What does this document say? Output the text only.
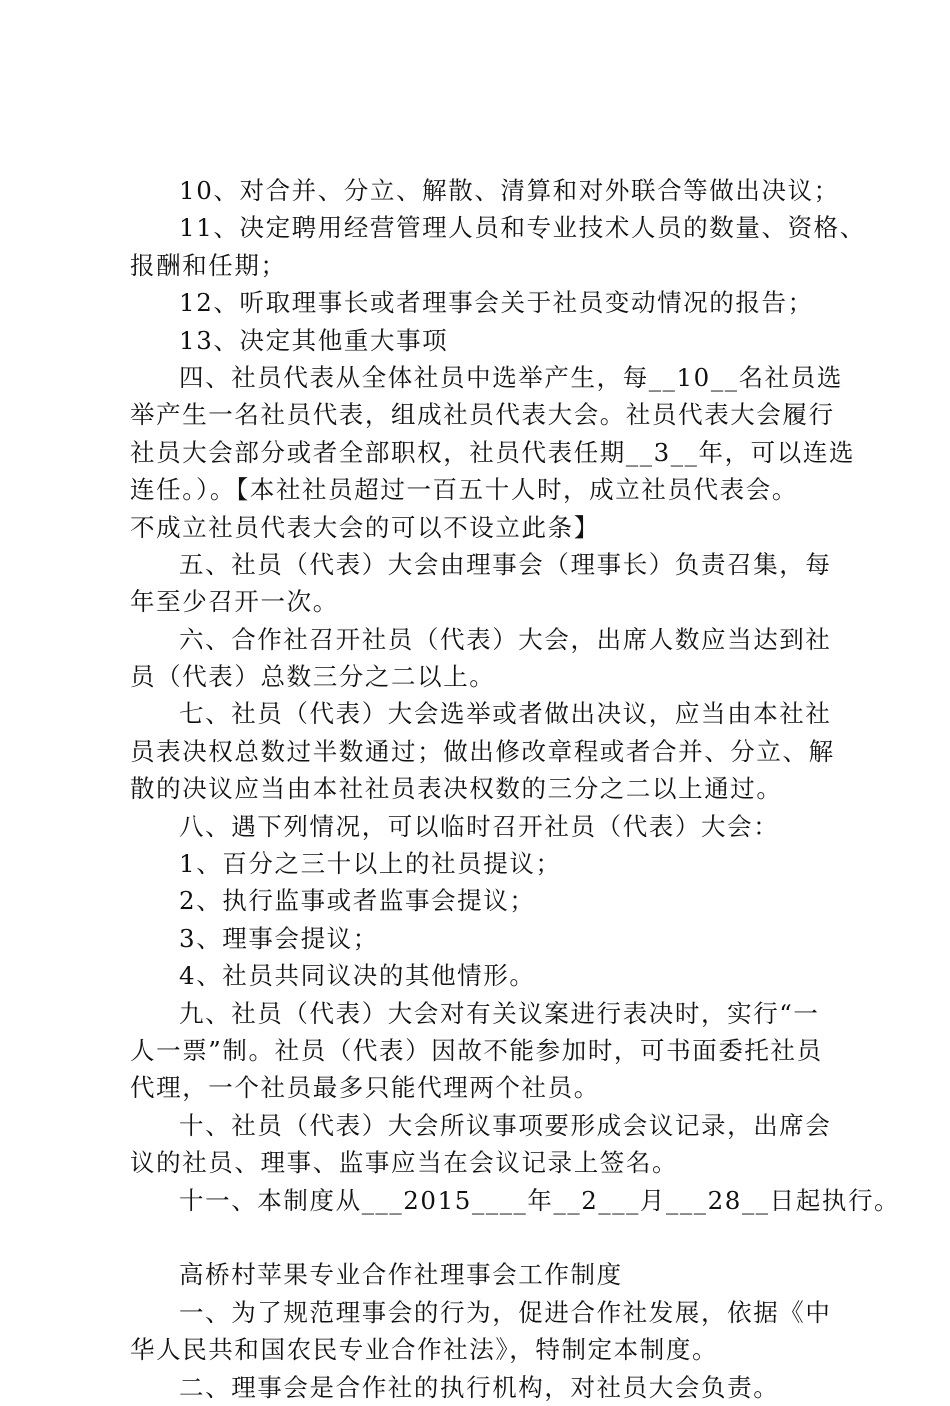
10、对合并、分立、解散、清算和对外联合等做出决议；
11、决定聘用经营管理人员和专业技术人员的数量、资格、
报酬和任期；
12、听取理事长或者理事会关于社员变动情况的报告；
13、决定其他重大事项
四、社员代表从全体社员中选举产生，每__10__名社员选
举产生一名社员代表，组成社员代表大会。社员代表大会履行
社员大会部分或者全部职权，社员代表任期__3__年，可以连选
连任。）。【本社社员超过一百五十人时，成立社员代表会。
不成立社员代表大会的可以不设立此条】
五、社员（代表）大会由理事会（理事长）负责召集，每
年至少召开一次。
六、合作社召开社员（代表）大会，出席人数应当达到社
员（代表）总数三分之二以上。
七、社员（代表）大会选举或者做出决议，应当由本社社
员表决权总数过半数通过；做出修改章程或者合并、分立、解
散的决议应当由本社社员表决权数的三分之二以上通过。
八、遇下列情况，可以临时召开社员（代表）大会：
1、百分之三十以上的社员提议；
2、执行监事或者监事会提议；
3、理事会提议；
4、社员共同议决的其他情形。
九、社员（代表）大会对有关议案进行表决时，实行“一
人一票”制。社员（代表）因故不能参加时，可书面委托社员
代理，一个社员最多只能代理两个社员。
十、社员（代表）大会所议事项要形成会议记录，出席会
议的社员、理事、监事应当在会议记录上签名。
十一、本制度从___2015____年__2___月___28__日起执行。
高桥村苹果专业合作社理事会工作制度
一、为了规范理事会的行为，促进合作社发展，依据《中
华人民共和国农民专业合作社法》，特制定本制度。
二、理事会是合作社的执行机构，对社员大会负责。
